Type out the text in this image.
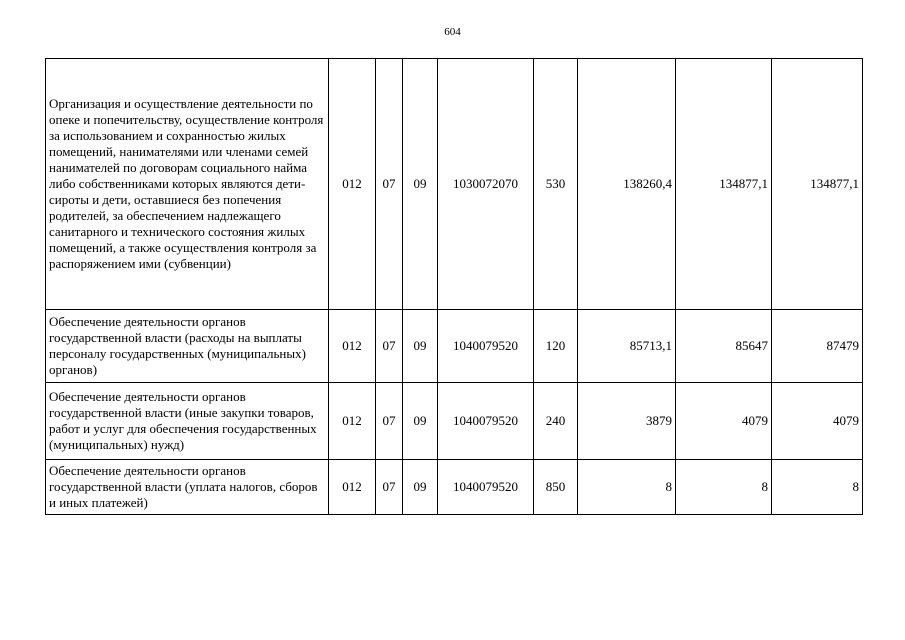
604
Организация и осуществление деятельности по опеке и попечительству, осуществление контроля за использованием и сохранностью жилых помещений, нанимателями или членами семей нанимателей по договорам социального найма либо собственниками которых являются дети-сироты и дети, оставшиеся без попечения родителей, за обеспечением надлежащего санитарного и технического состояния жилых помещений, а также осуществления контроля за распоряжением ими (субвенции)	012	07	09	1030072070	530	138260,4	134877,1	134877,1
Обеспечение деятельности органов государственной власти (расходы на выплаты персоналу государственных (муниципальных) органов)	012	07	09	1040079520	120	85713,1	85647	87479
Обеспечение деятельности органов государственной власти (иные закупки товаров, работ и услуг для обеспечения государственных (муниципальных) нужд)	012	07	09	1040079520	240	3879	4079	4079
Обеспечение деятельности органов государственной власти (уплата налогов, сборов и иных платежей)	012	07	09	1040079520	850	8	8	8
